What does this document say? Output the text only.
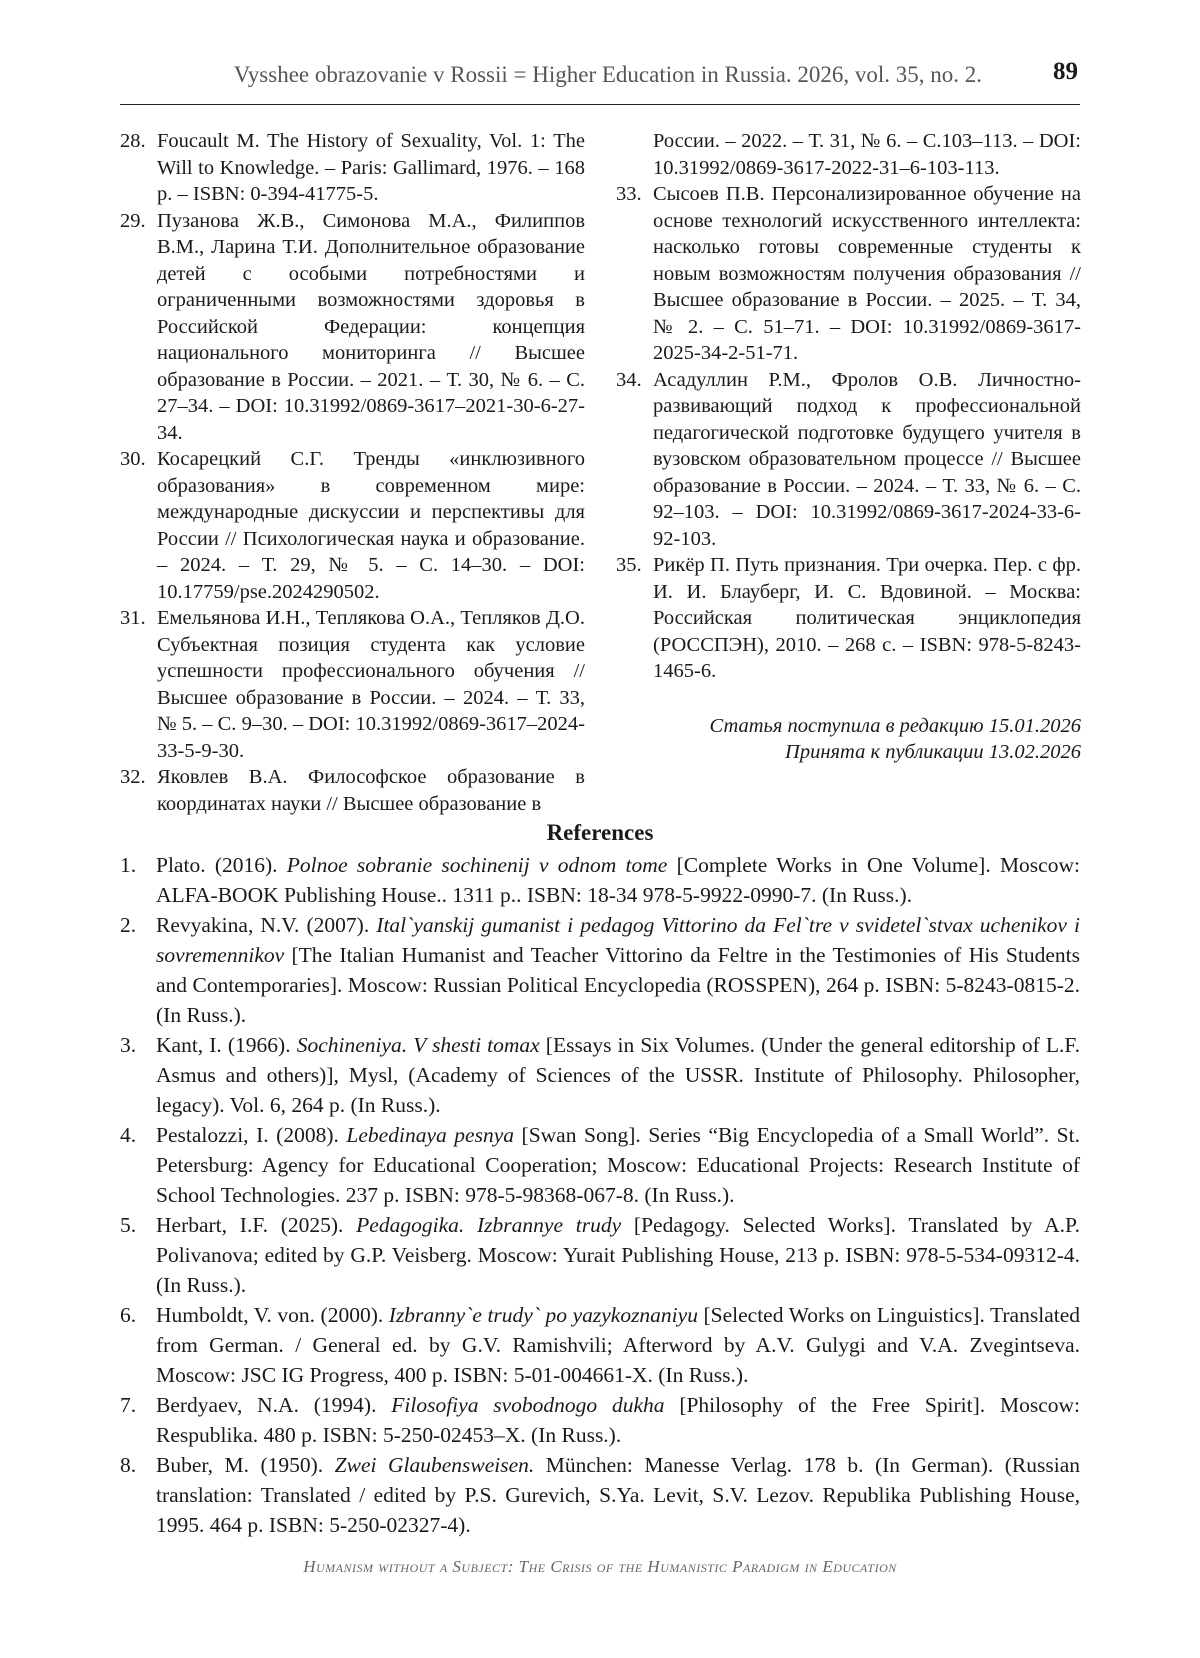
Vysshee obrazovanie v Rossii = Higher Education in Russia. 2026, vol. 35, no. 2.	89

28. Foucault M. The History of Sexuality, Vol. 1: The Will to Knowledge. – Paris: Gallimard, 1976. – 168 p. – ISBN: 0-394-41775-5.

29. Пузанова Ж.В., Симонова М.А., Филиппов В.М., Ларина Т.И. Дополнительное образование детей с особыми потребностями и ограниченными возможностями здоровья в Российской Федерации: концепция национального мониторинга // Высшее образование в России. – 2021. – Т. 30, № 6. – С. 27–34. – DOI: 10.31992/0869-3617–2021-30-6-27-34.

30. Косарецкий С.Г. Тренды «инклюзивного образования» в современном мире: международные дискуссии и перспективы для России // Психологическая наука и образование. – 2024. – Т. 29, № 5. – С. 14–30. – DOI: 10.17759/pse.2024290502.

31. Емельянова И.Н., Теплякова О.А., Тепляков Д.О. Субъектная позиция студента как условие успешности профессионального обучения // Высшее образование в России. – 2024. – Т. 33, № 5. – С. 9–30. – DOI: 10.31992/0869-3617–2024-33-5-9-30.

32. Яковлев В.А. Философское образование в координатах науки // Высшее образование в

России. – 2022. – Т. 31, № 6. – С.103–113. – DOI: 10.31992/0869-3617-2022-31–6-103-113.

33. Сысоев П.В. Персонализированное обучение на основе технологий искусственного интеллекта: насколько готовы современные студенты к новым возможностям получения образования // Высшее образование в России. – 2025. – Т. 34, № 2. – С. 51–71. – DOI: 10.31992/0869-3617-2025-34-2-51-71.

34. Асадуллин Р.М., Фролов О.В. Личностно-развивающий подход к профессиональной педагогической подготовке будущего учителя в вузовском образовательном процессе // Высшее образование в России. – 2024. – Т. 33, № 6. – С. 92–103. – DOI: 10.31992/0869-3617-2024-33-6-92-103.

35. Рикёр П. Путь признания. Три очерка. Пер. с фр. И. И. Блауберг, И. С. Вдовиной. – Москва: Российская политическая энциклопедия (РОССПЭН), 2010. – 268 с. – ISBN: 978-5-8243-1465-6.

Статья поступила в редакцию 15.01.2026
Принята к публикации 13.02.2026
References

1. Plato. (2016). Polnoe sobranie sochinenij v odnom tome [Complete Works in One Volume]. Moscow: ALFA-BOOK Publishing House.. 1311 p.. ISBN: 18-34 978-5-9922-0990-7. (In Russ.).

2. Revyakina, N.V. (2007). Ital`yanskij gumanist i pedagog Vittorino da Fel`tre v svidetel`stvax uchenikov i sovremennikov [The Italian Humanist and Teacher Vittorino da Feltre in the Testimonies of His Students and Contemporaries]. Moscow: Russian Political Encyclopedia (ROSSPEN), 264 p. ISBN: 5-8243-0815-2. (In Russ.).

3. Kant, I. (1966). Sochineniya. V shesti tomax [Essays in Six Volumes. (Under the general editorship of L.F. Asmus and others)], Mysl, (Academy of Sciences of the USSR. Institute of Philosophy. Philosopher, legacy). Vol. 6, 264 p. (In Russ.).

4. Pestalozzi, I. (2008). Lebedinaya pesnya [Swan Song]. Series “Big Encyclopedia of a Small World”. St. Petersburg: Agency for Educational Cooperation; Moscow: Educational Projects: Research Institute of School Technologies. 237 p. ISBN: 978-5-98368-067-8. (In Russ.).

5. Herbart, I.F. (2025). Pedagogika. Izbrannye trudy [Pedagogy. Selected Works]. Translated by A.P. Polivanova; edited by G.P. Veisberg. Moscow: Yurait Publishing House, 213 p. ISBN: 978-5-534-09312-4. (In Russ.).

6. Humboldt, V. von. (2000). Izbranny`e trudy` po yazykoznaniyu [Selected Works on Linguistics]. Translated from German. / General ed. by G.V. Ramishvili; Afterword by A.V. Gulygi and V.A. Zvegintseva. Moscow: JSC IG Progress, 400 p. ISBN: 5-01-004661-X. (In Russ.).

7. Berdyaev, N.A. (1994). Filosofiya svobodnogo dukha [Philosophy of the Free Spirit]. Moscow: Respublika. 480 p. ISBN: 5-250-02453–X. (In Russ.).

8. Buber, M. (1950). Zwei Glaubensweisen. München: Manesse Verlag. 178 b. (In German). (Russian translation: Translated / edited by P.S. Gurevich, S.Ya. Levit, S.V. Lezov. Republika Publishing House, 1995. 464 p. ISBN: 5-250-02327-4).

Humanism without a Subject: The Crisis of the Humanistic Paradigm in Education
